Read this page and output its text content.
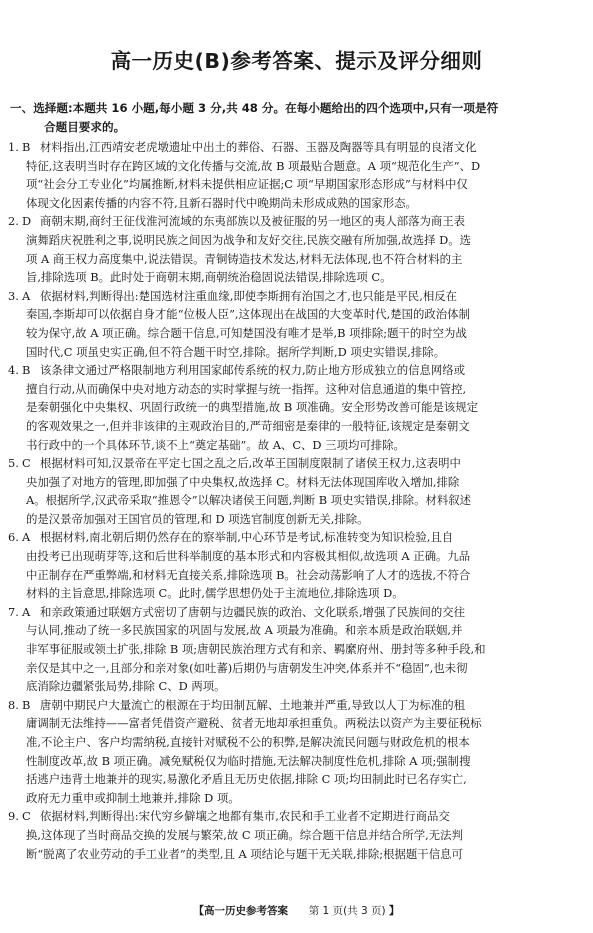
高一历史(B)参考答案、提示及评分细则
一、选择题:本题共 16 小题,每小题 3 分,共 48 分。在每小题给出的四个选项中,只有一项是符
合题目要求的。
1. B 材料指出,江西靖安老虎墩遗址中出土的葬俗、石器、玉器及陶器等具有明显的良渚文化
特征,这表明当时存在跨区域的文化传播与交流,故 B 项最贴合题意。A 项“规范化生产”、D
项“社会分工专业化”均属推断,材料未提供相应证据;C 项“早期国家形态形成”与材料中仅
体现文化因素传播的内容不符,且新石器时代中晚期尚未形成成熟的国家形态。
2. D 商朝末期,商纣王征伐淮河流域的东夷部族以及被征服的另一地区的夷人部落为商王表
演舞蹈庆祝胜利之事,说明民族之间因为战争和友好交往,民族交融有所加强,故选择 D。选
项 A 商王权力高度集中,说法错误。青铜铸造技术发达,材料无法体现,也不符合材料的主
旨,排除选项 B。此时处于商朝末期,商朝统治稳固说法错误,排除选项 C。
3. A 依据材料,判断得出:楚国选材注重血缘,即使李斯拥有治国之才,也只能是平民,相反在
秦国,李斯却可以依据自身才能“位极人臣”,这体现出在战国的大变革时代,楚国的政治体制
较为保守,故 A 项正确。综合题干信息,可知楚国没有唯才是举,B 项排除;题干的时空为战
国时代,C 项虽史实正确,但不符合题干时空,排除。据所学判断,D 项史实错误,排除。
4. B 该条律文通过严格限制地方利用国家邮传系统的权力,防止地方形成独立的信息网络或
擅自行动,从而确保中央对地方动态的实时掌握与统一指挥。这种对信息通道的集中管控,
是秦朝强化中央集权、巩固行政统一的典型措施,故 B 项准确。安全形势改善可能是该规定
的客观效果之一,但并非该律的主观政治目的,严苛细密是秦律的一般特征,该规定是秦朝文
书行政中的一个具体环节,谈不上“奠定基础”。故 A、C、D 三项均可排除。
5. C 根据材料可知,汉景帝在平定七国之乱之后,改革王国制度限制了诸侯王权力,这表明中
央加强了对地方的管理,即加强了中央集权,故选择 C。材料无法体现国库收入增加,排除
A。根据所学,汉武帝采取“推恩令”以解决诸侯王问题,判断 B 项史实错误,排除。材料叙述
的是汉景帝加强对王国官员的管理,和 D 项选官制度创新无关,排除。
6. A 根据材料,南北朝后期仍然存在的察举制,中心环节是考试,标准转变为知识检验,且自
由投考已出现萌芽等,这和后世科举制度的基本形式和内容极其相似,故选项 A 正确。九品
中正制存在严重弊端,和材料无直接关系,排除选项 B。社会动荡影响了人才的选拔,不符合
材料的主旨意思,排除选项 C。此时,儒学思想仍处于主流地位,排除选项 D。
7. A 和亲政策通过联姻方式密切了唐朝与边疆民族的政治、文化联系,增强了民族间的交往
与认同,推动了统一多民族国家的巩固与发展,故 A 项最为准确。和亲本质是政治联姻,并
非军事征服或领土扩张,排除 B 项;唐朝民族治理方式有和亲、羁縻府州、册封等多种手段,和
亲仅是其中之一,且部分和亲对象(如吐蕃)后期仍与唐朝发生冲突,体系并不“稳固”,也未彻
底消除边疆紧张局势,排除 C、D 两项。
8. B 唐朝中期民户大量流亡的根源在于均田制瓦解、土地兼并严重,导致以人丁为标准的租
庸调制无法维持——富者凭借资产避税、贫者无地却承担重负。两税法以资产为主要征税标
准,不论主户、客户均需纳税,直接针对赋税不公的积弊,是解决流民问题与财政危机的根本
性制度改革,故 B 项正确。减免赋税仅为临时措施,无法解决制度性危机,排除 A 项;强制搜
括逃户违背土地兼并的现实,易激化矛盾且无历史依据,排除 C 项;均田制此时已名存实亡,
政府无力重申或抑制土地兼并,排除 D 项。
9. C 依据材料,判断得出:宋代穷乡僻壤之地都有集市,农民和手工业者不定期进行商品交
换,这体现了当时商品交换的发展与繁荣,故 C 项正确。综合题干信息并结合所学,无法判
断“脱离了农业劳动的手工业者”的类型,且 A 项结论与题干无关联,排除;根据题干信息可
【高一历史参考答案 第 1 页(共 3 页) 】
